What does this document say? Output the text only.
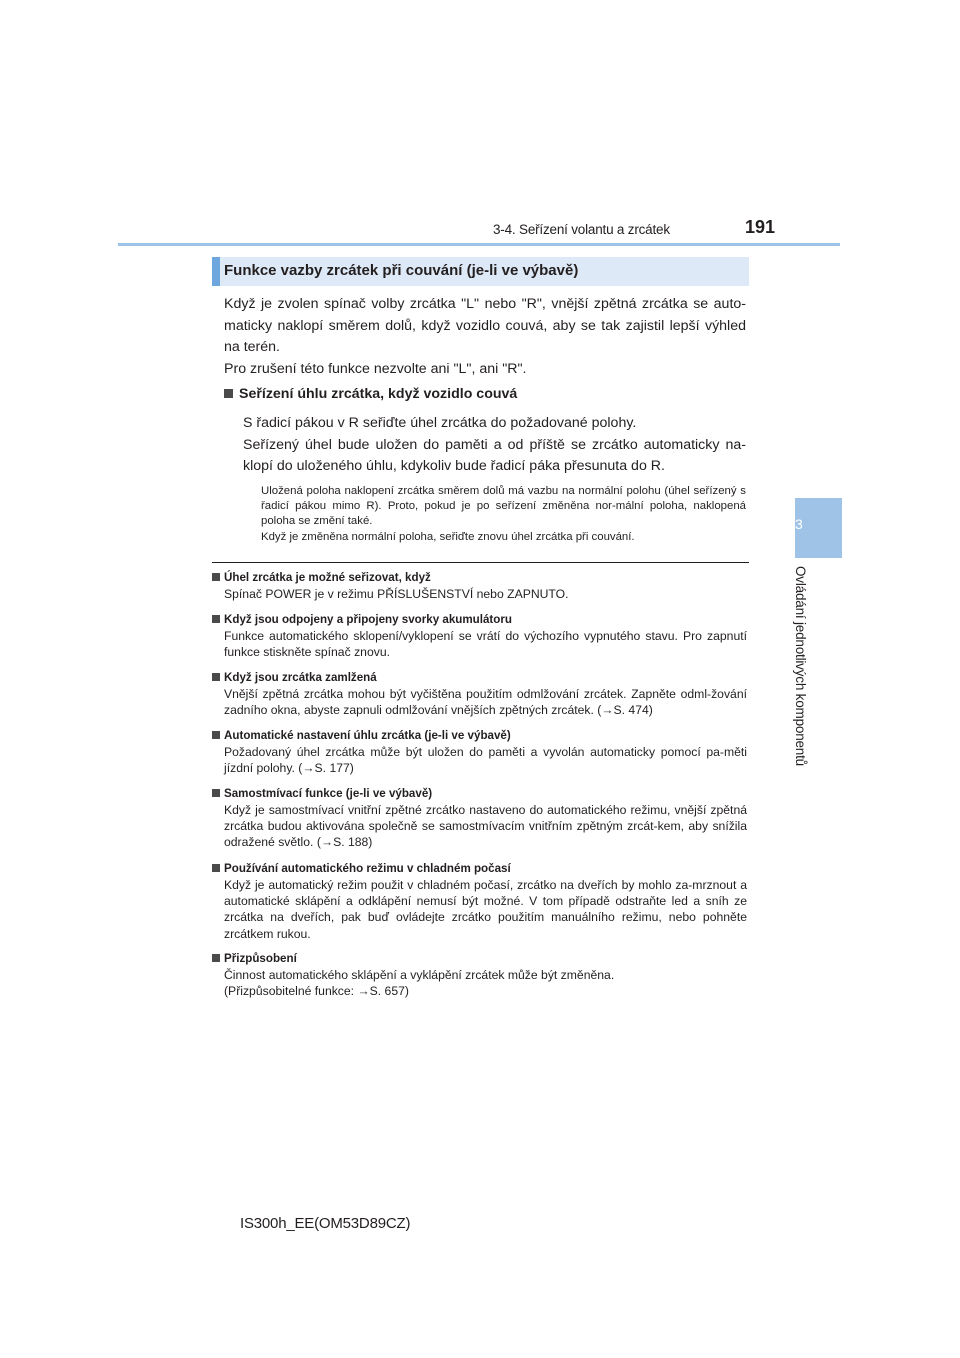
3-4. Seřízení volantu a zrcátek	191
3
Ovládání jednotlivých komponentů
Funkce vazby zrcátek při couvání (je-li ve výbavě)

Když je zvolen spínač volby zrcátka "L" nebo "R", vnější zpětná zrcátka se auto-maticky naklopí směrem dolů, když vozidlo couvá, aby se tak zajistil lepší výhled na terén.

Pro zrušení této funkce nezvolte ani "L", ani "R".

Seřízení úhlu zrcátka, když vozidlo couvá

S řadicí pákou v R seřiďte úhel zrcátka do požadované polohy.

Seřízený úhel bude uložen do paměti a od příště se zrcátko automaticky na-klopí do uloženého úhlu, kdykoliv bude řadicí páka přesunuta do R.

Uložená poloha naklopení zrcátka směrem dolů má vazbu na normální polohu (úhel seřízený s řadicí pákou mimo R). Proto, pokud je po seřízení změněna nor-mální poloha, naklopená poloha se změní také.

Když je změněna normální poloha, seřiďte znovu úhel zrcátka při couvání.

Úhel zrcátka je možné seřizovat, když

Spínač POWER je v režimu PŘÍSLUŠENSTVÍ nebo ZAPNUTO.

Když jsou odpojeny a připojeny svorky akumulátoru

Funkce automatického sklopení/vyklopení se vrátí do výchozího vypnutého stavu. Pro zapnutí funkce stiskněte spínač znovu.

Když jsou zrcátka zamlžená

Vnější zpětná zrcátka mohou být vyčištěna použitím odmlžování zrcátek. Zapněte odml-žování zadního okna, abyste zapnuli odmlžování vnějších zpětných zrcátek. (→S. 474)

Automatické nastavení úhlu zrcátka (je-li ve výbavě)

Požadovaný úhel zrcátka může být uložen do paměti a vyvolán automaticky pomocí pa-měti jízdní polohy. (→S. 177)

Samostmívací funkce (je-li ve výbavě)

Když je samostmívací vnitřní zpětné zrcátko nastaveno do automatického režimu, vnější zpětná zrcátka budou aktivována společně se samostmívacím vnitřním zpětným zrcát-kem, aby snížila odražené světlo. (→S. 188)

Používání automatického režimu v chladném počasí

Když je automatický režim použit v chladném počasí, zrcátko na dveřích by mohlo za-mrznout a automatické sklápění a odklápění nemusí být možné. V tom případě odstraňte led a sníh ze zrcátka na dveřích, pak buď ovládejte zrcátko použitím manuálního režimu, nebo pohněte zrcátkem rukou.

Přizpůsobení

Činnost automatického sklápění a vyklápění zrcátek může být změněna.

(Přizpůsobitelné funkce: →S. 657)

IS300h_EE(OM53D89CZ)
